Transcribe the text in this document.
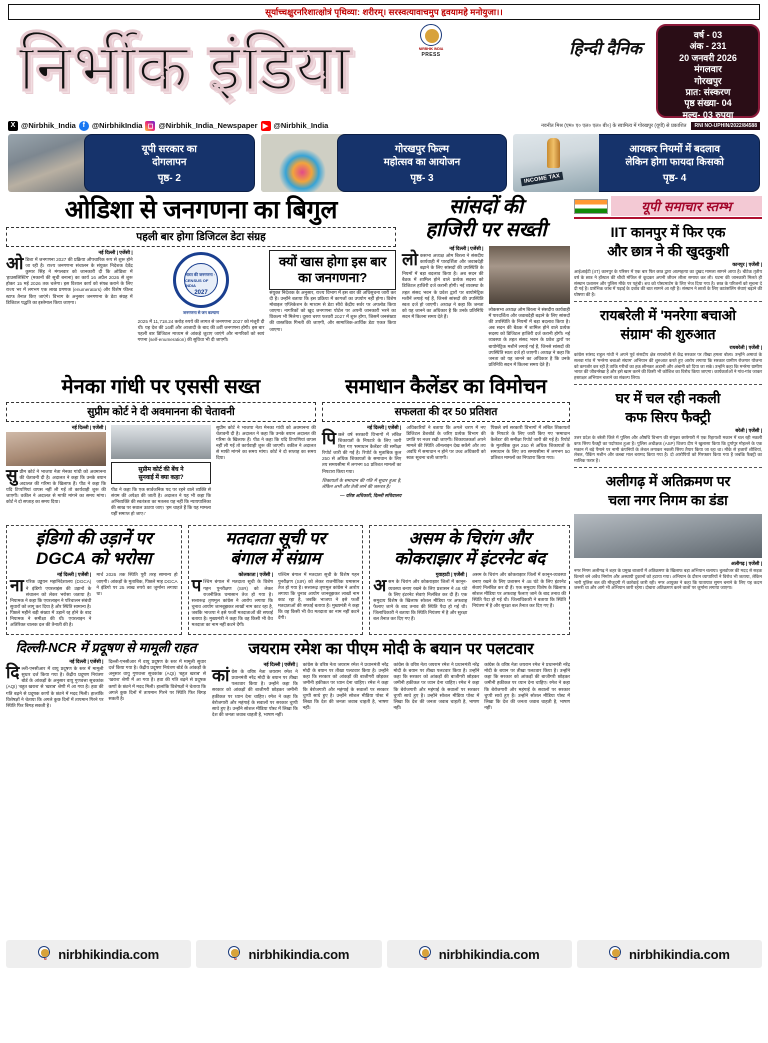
सूर्याच्चक्षुरनरिशात्क्षोत्रं पृथिव्या: शरीरम्। सरस्वत्यावाचमुप हृवयामहे मनोयुजा।।
निर्भीक इंडिया	NIRBHIK INDIA
PRESS	हिन्दी दैनिक
वर्ष - 03
अंक - 231
20 जनवरी 2026
मंगलवार
गोरखपुर
प्रात: संस्करण
पृष्ठ संख्या- 04
मूल्य- 03 रुपया
X @Nirbhik_India f @NirbhikIndia ◻ @Nirbhik_India_Newspaper ▶ @Nirbhik_India	नवनीत मिश्र (एम० ए० एल० एल० बी०) के स्वामित्व में गोरखपुर (यूपी) से प्रकाशित	RNI NO-UPHIN/2022/84588
यूपी सरकार का
दोगलापन
पृष्ठ- 2
गोरखपुर फिल्म
महोत्सव का आयोजन
पृष्ठ- 3
INCOME TAX
आयकर नियमों में बदलाव
लेकिन होगा फायदा किसको
पृष्ठ- 4
ओडिशा से जनगणना का बिगुल
पहली बार होगा डिजिटल डेटा संग्रह
नई दिल्ली | एजेंसी |

ओडिशा में जनगणना 2027 की प्रक्रिया औपचारिक रूप से शुरू होने जा रही है। राज्य जनगणना संचालन के संयुक्त निदेशक देवेंद्र कुमार सिंह ने मंगलवार को जानकारी दी कि ओडिशा में 'हाउसलिस्टिंग' (मकानों की सूची बनाना) का कार्य 16 अप्रैल 2026 से शुरू होकर 15 मई 2026 तक चलेगा। इस विशाल कार्य को संपन्न कराने के लिए राज्य भर में लगभग एक लाख प्रगणक (enumerators) और विशेष फील्ड स्टाफ तैनात किए जाएंगे। विभाग के अनुसार जनगणना के डेटा संग्रह में डिजिटल पद्धति का इस्तेमाल किया जाएगा।

भारत की जनगणना · CENSUS OF INDIA
2027
जनगणना से जन कल्याण

2025 में 11,718.24 करोड़ रुपये की लागत से जनगणना 2027 को मंजूरी दी थी। यह देश की 16वीं और आजादी के बाद की 8वीं जनगणना होगी। इस बार पहली बार डिजिटल माध्यम से आंकड़े जुटाए जाएंगे और नागरिकों को स्वयं गणना (self-enumeration) की सुविधा भी दी जाएगी।

क्यों खास होगा इस बार
का जनगणना?

संयुक्त निदेशक के अनुसार, राज्य विभाग में इस बार की अधिसूचना जारी कर दी है। उन्होंने बताया कि इस प्रक्रिया में कागजों का उपयोग नहीं होगा। विशेष मोबाइल एप्लिकेशन के माध्यम से डेटा सीधे केंद्रीय सर्वर पर अपलोड किया जाएगा। नागरिकों को खुद जनगणना पोर्टल पर अपनी जानकारी भरने का विकल्प भी मिलेगा। दूसरा चरण फरवरी 2027 में शुरू होगा, जिसमें जनसंख्या की वास्तविक गिनती की जाएगी, और सामाजिक-आर्थिक डेटा एकत्र किया जाएगा।

सांसदों की
हाजिरी पर सख्ती
नई दिल्ली | एजेंसी |

लोकसभा अध्यक्ष ओम बिरला ने संसदीय कार्यवाही में पारदर्शिता और जवाबदेही बढ़ाने के लिए सांसदों की उपस्थिति के नियमों में बड़ा बदलाव किया है। अब सदन की बैठक में शामिल होने वाले प्रत्येक सदस्य को डिजिटल हाजिरी दर्ज करानी होगी। नई व्यवस्था के तहत संसद भवन के प्रवेश द्वारों पर बायोमेट्रिक मशीनें लगाई गई हैं, जिनसे सांसदों की उपस्थिति स्वतः दर्ज हो जाएगी। अध्यक्ष ने कहा कि जनता को यह जानने का अधिकार है कि उनके प्रतिनिधि सदन में कितना समय देते हैं।

लोकसभा अध्यक्ष ओम बिरला ने संसदीय कार्यवाही में पारदर्शिता और जवाबदेही बढ़ाने के लिए सांसदों की उपस्थिति के नियमों में बड़ा बदलाव किया है। अब सदन की बैठक में शामिल होने वाले प्रत्येक सदस्य को डिजिटल हाजिरी दर्ज करानी होगी। नई व्यवस्था के तहत संसद भवन के प्रवेश द्वारों पर बायोमेट्रिक मशीनें लगाई गई हैं, जिनसे सांसदों की उपस्थिति स्वतः दर्ज हो जाएगी। अध्यक्ष ने कहा कि जनता को यह जानने का अधिकार है कि उनके प्रतिनिधि सदन में कितना समय देते हैं।

मेनका गांधी पर एससी सख्त
सुप्रीम कोर्ट ने दी अवमानना की चेतावनी
नई दिल्ली | एजेंसी |

सुप्रीम कोर्ट ने भाजपा नेता मेनका गांधी को अवमानना की चेतावनी दी है। अदालत ने कहा कि उनके बयान अदालत की गरिमा के खिलाफ हैं। पीठ ने कहा कि यदि टिप्पणियां वापस नहीं ली गईं तो कार्यवाही शुरू की जाएगी। वकील ने अदालत से माफी मांगने का समय मांगा। कोर्ट ने दो सप्ताह का समय दिया।

सुप्रीम कोर्ट की बेंच ने
सुनवाई में क्या कहा?

पीठ ने कहा कि एक सार्वजनिक पद पर रहने वाले व्यक्ति से संयम की अपेक्षा की जाती है। अदालत ने यह भी कहा कि अभिव्यक्ति की स्वतंत्रता का मतलब यह नहीं कि न्यायपालिका की साख पर सवाल उठाया जाए। 'हम चाहते हैं कि यह मामला यहीं समाप्त हो जाए।'

सुप्रीम कोर्ट ने भाजपा नेता मेनका गांधी को अवमानना की चेतावनी दी है। अदालत ने कहा कि उनके बयान अदालत की गरिमा के खिलाफ हैं। पीठ ने कहा कि यदि टिप्पणियां वापस नहीं ली गईं तो कार्यवाही शुरू की जाएगी। वकील ने अदालत से माफी मांगने का समय मांगा। कोर्ट ने दो सप्ताह का समय दिया।

समाधान कैलेंडर का विमोचन
सफलता की दर 50 प्रतिशत
नई दिल्ली | एजेंसी |

पिछले वर्ष सरकारी विभागों में लंबित शिकायतों के निपटारे के लिए जारी किए गए 'समाधान कैलेंडर' की समीक्षा रिपोर्ट जारी की गई है। रिपोर्ट के मुताबिक कुल 250 से अधिक शिकायतों के समाधान के लिए तय समयसीमा में लगभग 50 प्रतिशत मामलों का निपटारा किया गया।

शिकायतों के समाधान की गति में सुधार हुआ है, लेकिन अभी और तेजी लाने की जरूरत है।

— वरिष्ठ अधिकारी, दिल्ली सचिवालय

अधिकारियों ने बताया कि अगले चरण में नए डिजिटल डैशबोर्ड के जरिए प्रत्येक विभाग की प्रगति पर नजर रखी जाएगी। शिकायतकर्ता अपने मामले की स्थिति ऑनलाइन देख सकेंगे और तय अवधि में समाधान न होने पर उच्च अधिकारी को स्वतः सूचना चली जाएगी।

पिछले वर्ष सरकारी विभागों में लंबित शिकायतों के निपटारे के लिए जारी किए गए 'समाधान कैलेंडर' की समीक्षा रिपोर्ट जारी की गई है। रिपोर्ट के मुताबिक कुल 250 से अधिक शिकायतों के समाधान के लिए तय समयसीमा में लगभग 50 प्रतिशत मामलों का निपटारा किया गया।

इंडिगो की उड़ानें पर
DGCA को भरोसा
नई दिल्ली | एजेंसी |

नागरिक उड्डयन महानिदेशालय (DGCA) ने इंडिगो एयरलाइंस की उड़ानों के संचालन को लेकर भरोसा जताया है। नियामक ने कहा कि एयरलाइन ने परिचालन संबंधी सुधारों को लागू कर दिया है और स्थिति सामान्य है। पिछले महीने बड़ी संख्या में उड़ानें रद्द होने के बाद नियामक ने समीक्षा की थी। एयरलाइन ने अतिरिक्त चालक दल की तैनाती की है।

मार्च 2026 तक स्थिति पूरी तरह सामान्य हो जाएगी। आंकड़ों के मुताबिक, पिछले माह DGCA ने इंडिगो पर 25 लाख रुपये का जुर्माना लगाया था।

मतदाता सूची पर
बंगाल में संग्राम
कोलकाता | एजेंसी |

पश्चिम बंगाल में मतदाता सूची के विशेष गहन पुनरीक्षण (SIR) को लेकर राजनीतिक घमासान तेज हो गया है। सत्तारूढ़ तृणमूल कांग्रेस ने आरोप लगाया कि चुनाव आयोग जानबूझकर लाखों नाम काट रहा है, जबकि भाजपा ने इसे फर्जी मतदाताओं की सफाई बताया है। मुख्यमंत्री ने कहा कि वह किसी भी वैध मतदाता का नाम नहीं कटने देंगी।

पश्चिम बंगाल में मतदाता सूची के विशेष गहन पुनरीक्षण (SIR) को लेकर राजनीतिक घमासान तेज हो गया है। सत्तारूढ़ तृणमूल कांग्रेस ने आरोप लगाया कि चुनाव आयोग जानबूझकर लाखों नाम काट रहा है, जबकि भाजपा ने इसे फर्जी मतदाताओं की सफाई बताया है। मुख्यमंत्री ने कहा कि वह किसी भी वैध मतदाता का नाम नहीं कटने देंगी।

असम के चिरांग और
कोकराझार में इंटरनेट बंद
गुवाहाटी | एजेंसी |

असम के चिरांग और कोकराझार जिलों में कानून-व्यवस्था बनाए रखने के लिए प्रशासन ने 48 घंटे के लिए इंटरनेट सेवाएं निलंबित कर दी हैं। एक समुदाय विशेष के खिलाफ सोशल मीडिया पर अफवाह फैलाए जाने के बाद तनाव की स्थिति पैदा हो गई थी। जिलाधिकारी ने बताया कि स्थिति नियंत्रण में है और सुरक्षा बल तैनात कर दिए गए हैं।

असम के चिरांग और कोकराझार जिलों में कानून-व्यवस्था बनाए रखने के लिए प्रशासन ने 48 घंटे के लिए इंटरनेट सेवाएं निलंबित कर दी हैं। एक समुदाय विशेष के खिलाफ सोशल मीडिया पर अफवाह फैलाए जाने के बाद तनाव की स्थिति पैदा हो गई थी। जिलाधिकारी ने बताया कि स्थिति नियंत्रण में है और सुरक्षा बल तैनात कर दिए गए हैं।

दिल्ली-NCR में प्रदूषण से मामूली राहत
नई दिल्ली | एजेंसी |

दिल्ली-एनसीआर में वायु प्रदूषण के स्तर में मामूली सुधार दर्ज किया गया है। केंद्रीय प्रदूषण नियंत्रण बोर्ड के आंकड़ों के अनुसार वायु गुणवत्ता सूचकांक (AQI) 'बहुत खराब' से 'खराब' श्रेणी में आ गया है। हवा की गति बढ़ने से प्रदूषक कणों के छंटने में मदद मिली। हालांकि विशेषज्ञों ने चेताया कि अगले कुछ दिनों में तापमान गिरने पर स्थिति फिर बिगड़ सकती है।

दिल्ली-एनसीआर में वायु प्रदूषण के स्तर में मामूली सुधार दर्ज किया गया है। केंद्रीय प्रदूषण नियंत्रण बोर्ड के आंकड़ों के अनुसार वायु गुणवत्ता सूचकांक (AQI) 'बहुत खराब' से 'खराब' श्रेणी में आ गया है। हवा की गति बढ़ने से प्रदूषक कणों के छंटने में मदद मिली। हालांकि विशेषज्ञों ने चेताया कि अगले कुछ दिनों में तापमान गिरने पर स्थिति फिर बिगड़ सकती है।

जयराम रमेश का पीएम मोदी के बयान पर पलटवार
नई दिल्ली | एजेंसी |

कांग्रेस के वरिष्ठ नेता जयराम रमेश ने प्रधानमंत्री नरेंद्र मोदी के बयान पर तीखा पलटवार किया है। उन्होंने कहा कि सरकार को आंकड़ों की बाजीगरी छोड़कर जमीनी हकीकत पर ध्यान देना चाहिए। रमेश ने कहा कि बेरोजगारी और महंगाई के सवालों पर सरकार चुप्पी साधे हुए है। उन्होंने सोशल मीडिया पोस्ट में लिखा कि देश की जनता जवाब चाहती है, भाषण नहीं।

कांग्रेस के वरिष्ठ नेता जयराम रमेश ने प्रधानमंत्री नरेंद्र मोदी के बयान पर तीखा पलटवार किया है। उन्होंने कहा कि सरकार को आंकड़ों की बाजीगरी छोड़कर जमीनी हकीकत पर ध्यान देना चाहिए। रमेश ने कहा कि बेरोजगारी और महंगाई के सवालों पर सरकार चुप्पी साधे हुए है। उन्होंने सोशल मीडिया पोस्ट में लिखा कि देश की जनता जवाब चाहती है, भाषण नहीं।

कांग्रेस के वरिष्ठ नेता जयराम रमेश ने प्रधानमंत्री नरेंद्र मोदी के बयान पर तीखा पलटवार किया है। उन्होंने कहा कि सरकार को आंकड़ों की बाजीगरी छोड़कर जमीनी हकीकत पर ध्यान देना चाहिए। रमेश ने कहा कि बेरोजगारी और महंगाई के सवालों पर सरकार चुप्पी साधे हुए है। उन्होंने सोशल मीडिया पोस्ट में लिखा कि देश की जनता जवाब चाहती है, भाषण नहीं।

कांग्रेस के वरिष्ठ नेता जयराम रमेश ने प्रधानमंत्री नरेंद्र मोदी के बयान पर तीखा पलटवार किया है। उन्होंने कहा कि सरकार को आंकड़ों की बाजीगरी छोड़कर जमीनी हकीकत पर ध्यान देना चाहिए। रमेश ने कहा कि बेरोजगारी और महंगाई के सवालों पर सरकार चुप्पी साधे हुए है। उन्होंने सोशल मीडिया पोस्ट में लिखा कि देश की जनता जवाब चाहती है, भाषण नहीं।

यूपी समाचार स्तम्भ
IIT कानपुर में फिर एक
और छात्र ने की खुदकुशी
कानपुर | एजेंसी |

आईआईटी (IIT) कानपुर के परिसर में एक बार फिर छात्र द्वारा आत्महत्या का दुखद मामला सामने आया है। बीटेक तृतीय वर्ष के छात्र ने हॉस्टल की चौथी मंजिल से कूदकर अपनी जीवन लीला समाप्त कर ली। घटना की जानकारी मिलते ही संस्थान प्रशासन और पुलिस मौके पर पहुंची। शव को पोस्टमार्टम के लिए भेज दिया गया है। छात्र के परिजनों को सूचना दे दी गई है। प्रारंभिक जांच में पढ़ाई के दबाव की बात सामने आ रही है। संस्थान ने छात्रों के लिए काउंसलिंग सेवाएं बढ़ाने की घोषणा की है।

रायबरेली में 'मनरेगा बचाओ
संग्राम' की शुरुआत
रायबरेली | एजेंसी |

कांग्रेस सांसद राहुल गांधी ने अपने पूर्व संसदीय क्षेत्र रायबरेली से केंद्र सरकार पर तीखा हमला बोला। उन्होंने अमावां के सलवा गांव में 'मनरेगा बचाओ संग्राम' अभियान की शुरुआत करते हुए आरोप लगाया कि सरकार ग्रामीण रोजगार योजना को कमजोर कर रही है ताकि गरीबों का हक छीनकर अडानी और अंबानी को दिया जा सके। उन्होंने कहा कि मनरेगा ग्रामीण भारत की जीवनरेखा है और इसे खत्म करने की किसी भी कोशिश का विरोध किया जाएगा। कार्यकर्ताओं ने गांव-गांव जाकर हस्ताक्षर अभियान चलाने का संकल्प लिया।

घर में चल रही नकली
कफ सिरप फैक्ट्री
बरेली | एजेंसी |

उत्तर प्रदेश के बरेली जिले में पुलिस और औषधि विभाग की संयुक्त छापेमारी में एक रिहायशी मकान में चल रही नकली कफ सिरप फैक्ट्री का पर्दाफाश हुआ है। पुलिस अधीक्षक (ASP) विजय दीप ने खुलासा किया कि दुर्गापुर मोहल्ले के एक मकान में बड़े पैमाने पर नामी कंपनियों के लेबल लगाकर नकली सिरप तैयार किया जा रहा था। मौके से हजारों शीशियां, लेबल, पैकिंग मशीन और कच्चा माल बरामद किया गया है। दो आरोपियों को गिरफ्तार किया गया है जबकि फैक्ट्री का मालिक फरार है।

अलीगढ़ में अतिक्रमण पर
चला नगर निगम का डंडा
अलीगढ़ | एजेंसी |

नगर निगम अलीगढ़ ने शहर के प्रमुख बाजारों में अतिक्रमण के खिलाफ बड़ा अभियान चलाया। बुलडोजर की मदद से सड़क किनारे बने अवैध निर्माण और अस्थायी दुकानों को हटाया गया। अभियान के दौरान व्यापारियों ने विरोध भी जताया, लेकिन भारी पुलिस बल की मौजूदगी में कार्रवाई जारी रही। नगर आयुक्त ने कहा कि यातायात सुगम बनाने के लिए यह कदम जरूरी था और आगे भी अभियान जारी रहेगा। दोबारा अतिक्रमण करने वालों पर जुर्माना लगाया जाएगा।

NI nirbhikindia.com	NI nirbhikindia.com	NI nirbhikindia.com	NI nirbhikindia.com
